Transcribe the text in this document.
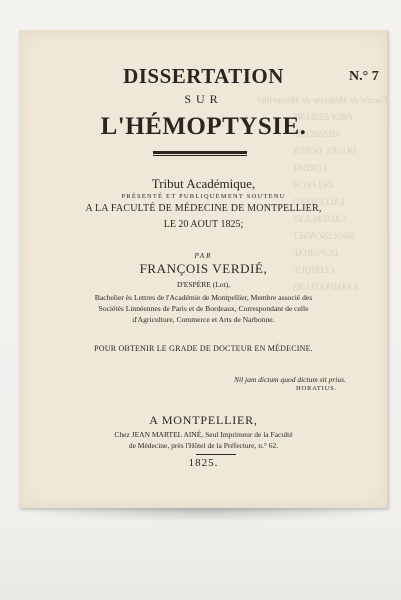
Faculté de Médecine de Montpellier
PROFESSEURS
MESSIEURS
DUGÈS, DOYEN
LORDAT
DELPECH
LALLEMAND
CAIZERGUES
BROUSSONNET
DUPORTAL
CLINIQUE
EXAMINATEURS
N.° 7
DISSERTATION
SUR
L'HÉMOPTYSIE.
Tribut Académique,
PRÉSENTÉ ET PUBLIQUEMENT SOUTENU
A LA FACULTÉ DE MÉDECINE DE MONTPELLIER,
LE 20 AOUT 1825;
PAR
FRANÇOIS VERDIÉ,
D'ESPÈRE (Lot),
Bachelier ès Lettres de l'Académie de Montpellier, Membre associé des
Sociétés Linnéennes de Paris et de Bordeaux, Correspondant de celle
d'Agriculture, Commerce et Arts de Narbonne.
POUR OBTENIR LE GRADE DE DOCTEUR EN MÉDECINE.
Nil jam dictum quod dictum sit prius.
HORATIUS.
A MONTPELLIER,
Chez JEAN MARTEL AINÉ, Seul Imprimeur de la Faculté
de Médecine, près l'Hôtel de la Préfecture, n.° 62.
1825.
